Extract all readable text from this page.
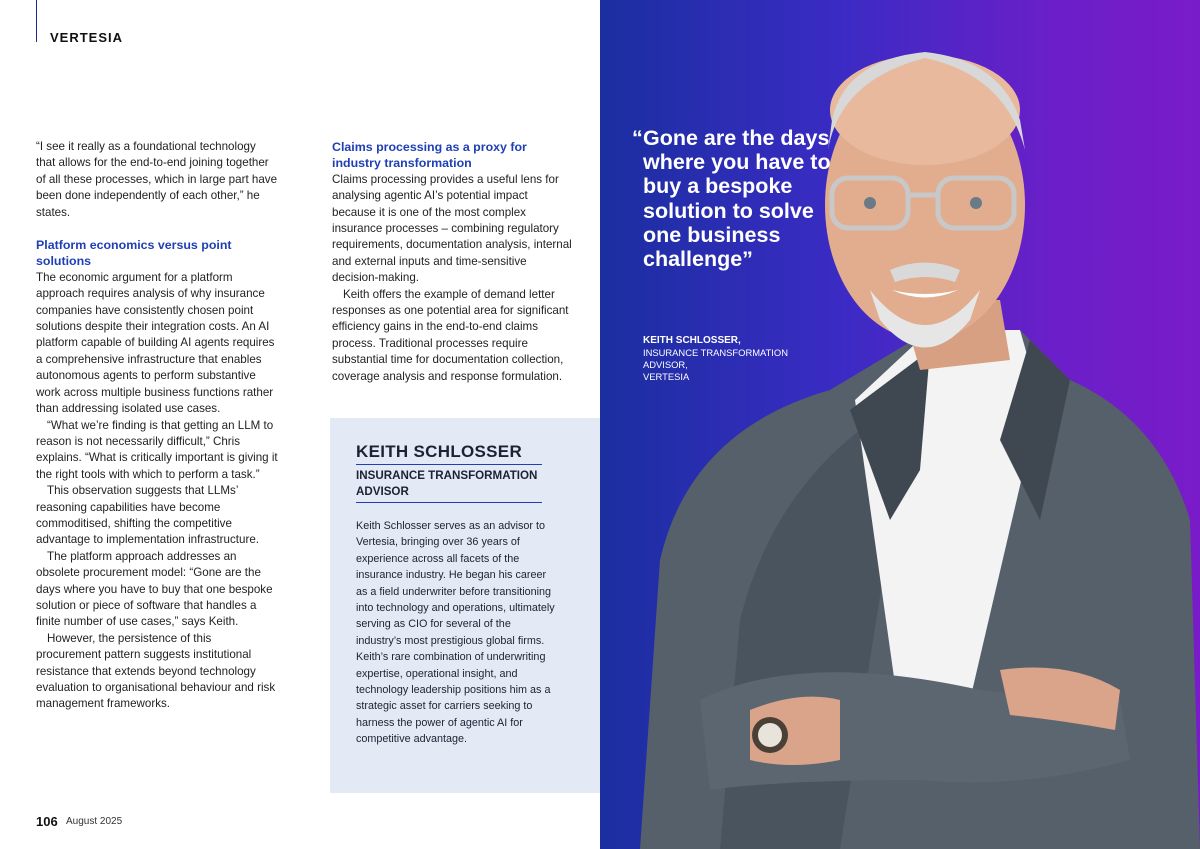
VERTESIA

“I see it really as a foundational technology that allows for the end-to-end joining together of all these processes, which in large part have been done independently of each other,” he states.

Platform economics versus point solutions

The economic argument for a platform approach requires analysis of why insurance companies have consistently chosen point solutions despite their integration costs. An AI platform capable of building AI agents requires a comprehensive infrastructure that enables autonomous agents to perform substantive work across multiple business functions rather than addressing isolated use cases.

“What we’re finding is that getting an LLM to reason is not necessarily difficult,” Chris explains. “What is critically important is giving it the right tools with which to perform a task.”

This observation suggests that LLMs’ reasoning capabilities have become commoditised, shifting the competitive advantage to implementation infrastructure.

The platform approach addresses an obsolete procurement model: “Gone are the days where you have to buy that one bespoke solution or piece of software that handles a finite number of use cases,” says Keith.

However, the persistence of this procurement pattern suggests institutional resistance that extends beyond technology evaluation to organisational behaviour and risk management frameworks.

Claims processing as a proxy for industry transformation

Claims processing provides a useful lens for analysing agentic AI’s potential impact because it is one of the most complex insurance processes – combining regulatory requirements, documentation analysis, internal and external inputs and time-sensitive decision-making.

Keith offers the example of demand letter responses as one potential area for significant efficiency gains in the end-to-end claims process. Traditional processes require substantial time for documentation collection, coverage analysis and response formulation.

KEITH SCHLOSSER
INSURANCE TRANSFORMATION ADVISOR
Keith Schlosser serves as an advisor to Vertesia, bringing over 36 years of experience across all facets of the insurance industry. He began his career as a field underwriter before transitioning into technology and operations, ultimately serving as CIO for several of the industry’s most prestigious global firms. Keith’s rare combination of underwriting expertise, operational insight, and technology leadership positions him as a strategic asset for carriers seeking to harness the power of agentic AI for competitive advantage.
106 August 2025
“ Gone are the days where you have to buy a bespoke solution to solve one business challenge”
KEITH SCHLOSSER,
INSURANCE TRANSFORMATION ADVISOR,
VERTESIA
